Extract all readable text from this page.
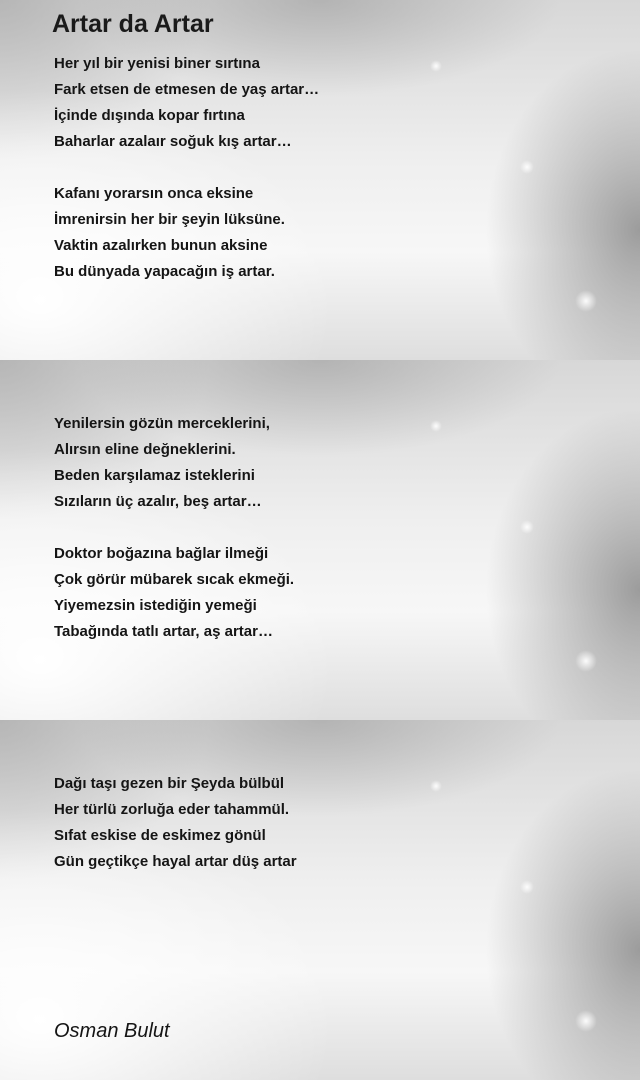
Artar da Artar
Her yıl bir yenisi biner sırtına
Fark etsen de etmesen de yaş artar…
İçinde dışında kopar fırtına
Baharlar azalaır soğuk kış artar…
Kafanı yorarsın onca eksine
İmrenirsin her bir şeyin lüksüne.
Vaktin azalırken bunun aksine
Bu dünyada yapacağın iş artar.
Yenilersin gözün merceklerini,
Alırsın eline değneklerini.
Beden karşılamaz isteklerini
Sızıların üç azalır, beş artar…
Doktor boğazına bağlar ilmeği
Çok görür mübarek sıcak ekmeği.
Yiyemezsin istediğin yemeği
Tabağında tatlı artar, aş artar…
Dağı taşı gezen bir Şeyda bülbül
Her türlü zorluğa eder tahammül.
Sıfat eskise de eskimez gönül
Gün geçtikçe hayal artar düş artar
Osman Bulut
